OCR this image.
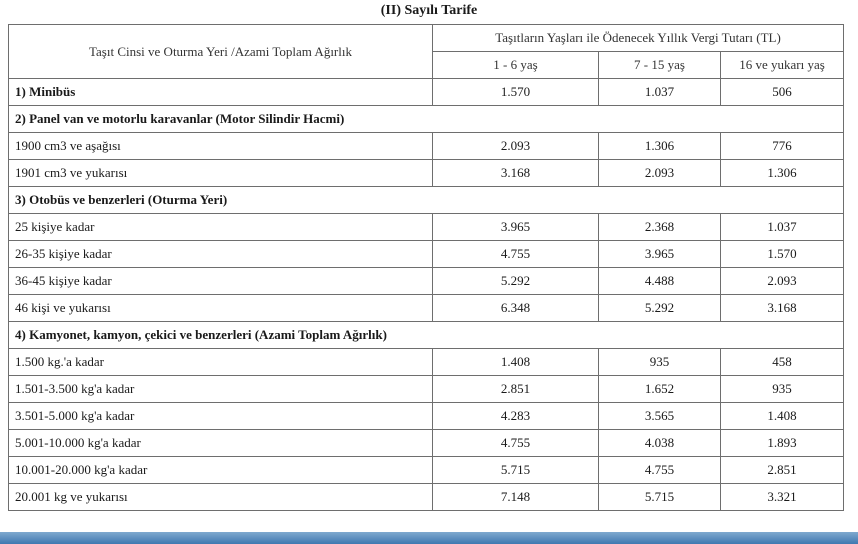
(II) Sayılı Tarife
Taşıt Cinsi ve Oturma Yeri /Azami Toplam Ağırlık	Taşıtların Yaşları ile Ödenecek Yıllık Vergi Tutarı (TL)		
	1 - 6 yaş	7 - 15 yaş	16 ve yukarı yaş
1) Minibüs	1.570	1.037	506
2) Panel van ve motorlu karavanlar (Motor Silindir Hacmi)			
1900 cm3 ve aşağısı	2.093	1.306	776
1901 cm3 ve yukarısı	3.168	2.093	1.306
3) Otobüs ve benzerleri (Oturma Yeri)			
25 kişiye kadar	3.965	2.368	1.037
26-35 kişiye kadar	4.755	3.965	1.570
36-45 kişiye kadar	5.292	4.488	2.093
46 kişi ve yukarısı	6.348	5.292	3.168
4) Kamyonet, kamyon, çekici ve benzerleri (Azami Toplam Ağırlık)			
1.500 kg.'a kadar	1.408	935	458
1.501-3.500 kg'a kadar	2.851	1.652	935
3.501-5.000 kg'a kadar	4.283	3.565	1.408
5.001-10.000 kg'a kadar	4.755	4.038	1.893
10.001-20.000 kg'a kadar	5.715	4.755	2.851
20.001 kg ve yukarısı	7.148	5.715	3.321
